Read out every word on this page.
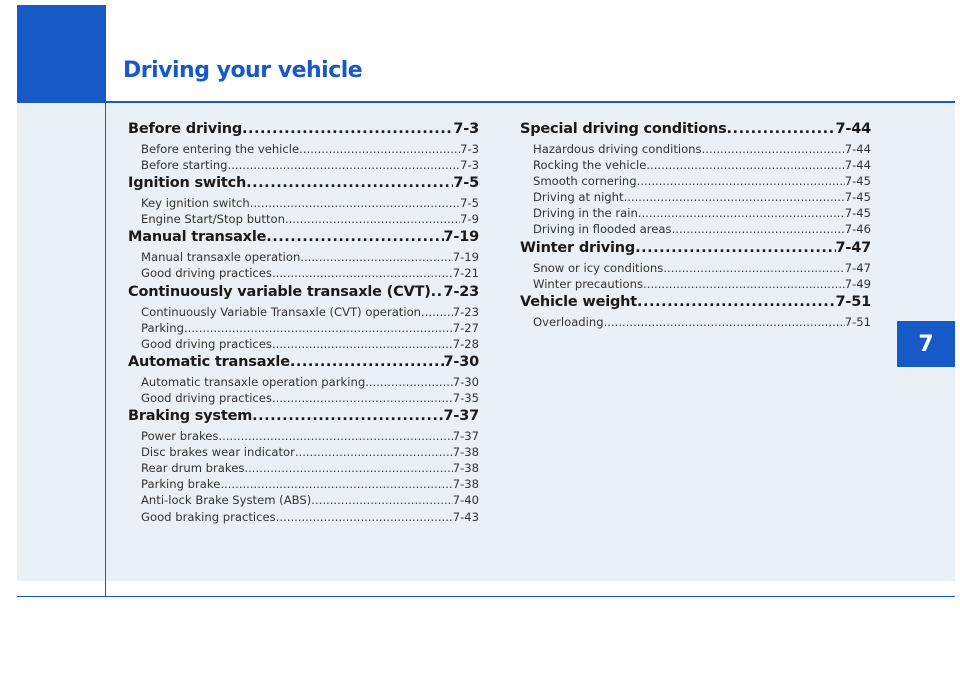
Driving your vehicle
7
Before driving .....	7-3
Before entering the vehicle .....	7-3
Before starting .....	7-3
Ignition switch .....	7-5
Key ignition switch .....	7-5
Engine Start/Stop button .....	7-9
Manual transaxle .....	7-19
Manual transaxle operation .....	7-19
Good driving practices .....	7-21
Continuously variable transaxle (CVT) ..... 7-23
Continuously Variable Transaxle (CVT) operation .....	7-23
Parking .....	7-27
Good driving practices .....	7-28
Automatic transaxle .....	7-30
Automatic transaxle operation parking .....	7-30
Good driving practices .....	7-35
Braking system .....	7-37
Power brakes .....	7-37
Disc brakes wear indicator .....	7-38
Rear drum brakes .....	7-38
Parking brake .....	7-38
Anti-lock Brake System (ABS) .....	7-40
Good braking practices .....	7-43
Special driving conditions .....	7-44
Hazardous driving conditions .....	7-44
Rocking the vehicle .....	7-44
Smooth cornering .....	7-45
Driving at night .....	7-45
Driving in the rain .....	7-45
Driving in flooded areas .....	7-46
Winter driving .....	7-47
Snow or icy conditions .....	7-47
Winter precautions .....	7-49
Vehicle weight .....	7-51
Overloading .....	7-51
